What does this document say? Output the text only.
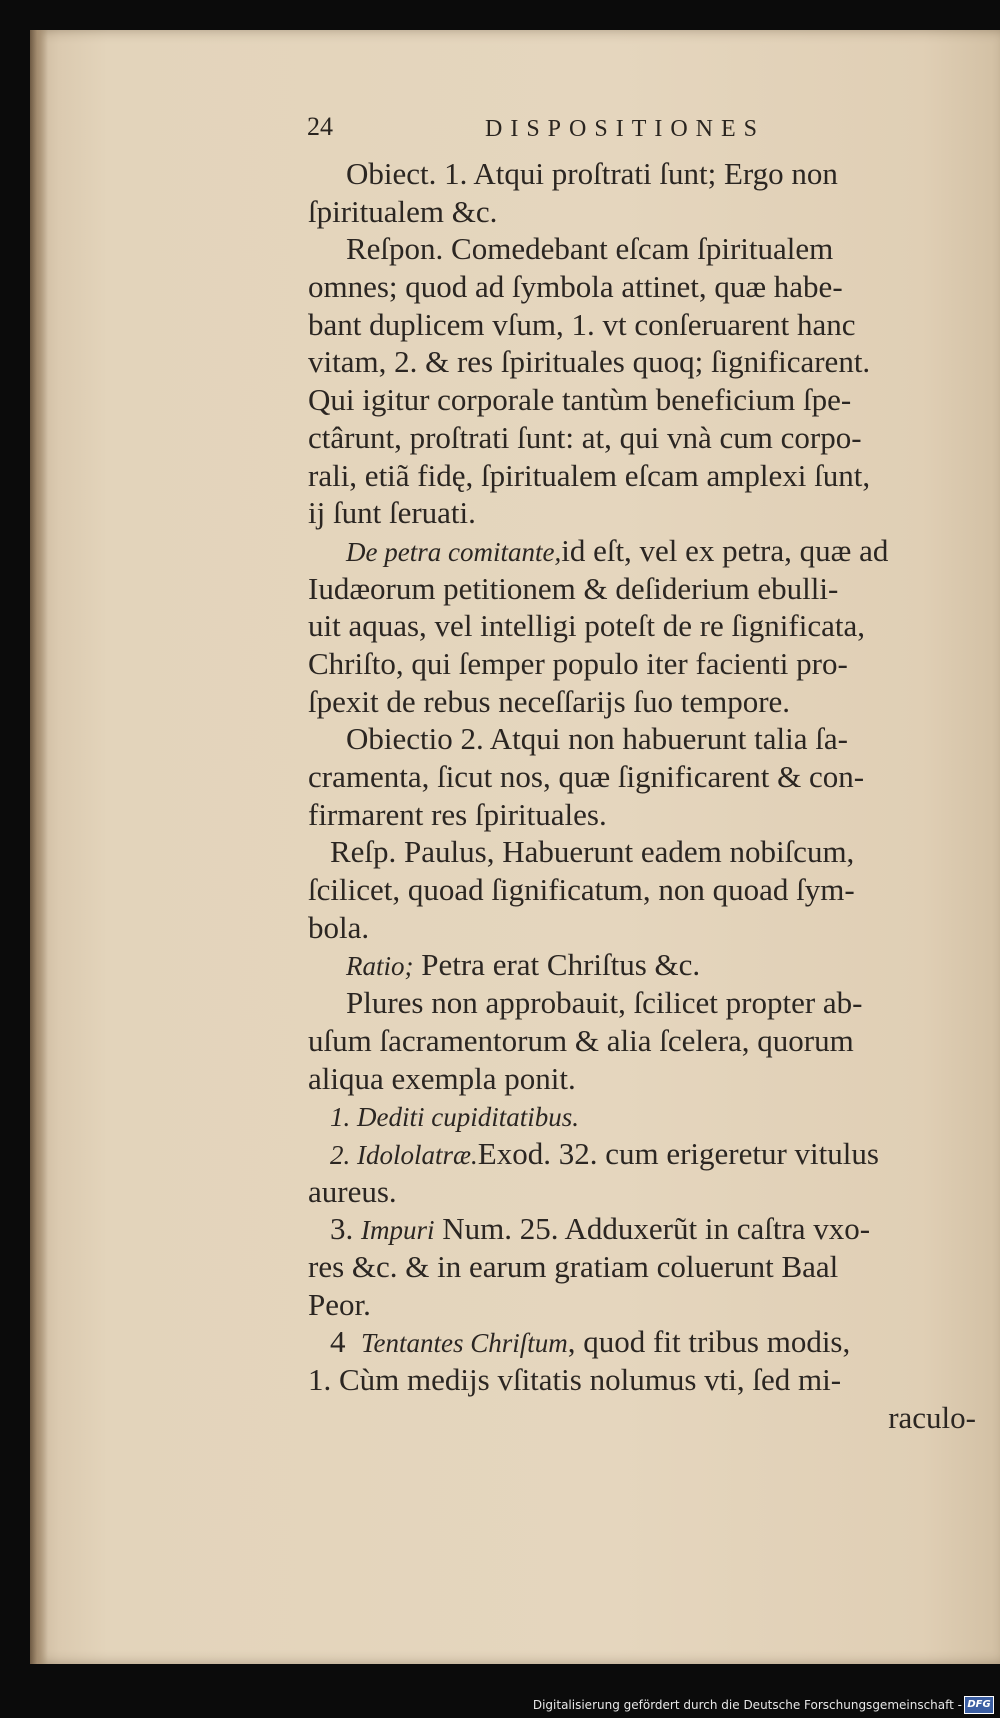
24	DISPOSITIONES
Obiect. 1. Atqui proſtrati ſunt; Ergo non
ſpiritualem &c.
Reſpon. Comedebant eſcam ſpiritualem
omnes; quod ad ſymbola attinet, quæ habe-
bant duplicem vſum, 1. vt conſeruarent hanc
vitam, 2. & res ſpirituales quoq; ſignificarent.
Qui igitur corporale tantùm beneficium ſpe-
ctârunt, proſtrati ſunt: at, qui vnà cum corpo-
rali, etiã fidę, ſpiritualem eſcam amplexi ſunt,
ij ſunt ſeruati.
De petra comitante,id eſt, vel ex petra, quæ ad
Iudæorum petitionem & deſiderium ebulli-
uit aquas, vel intelligi poteſt de re ſignificata,
Chriſto, qui ſemper populo iter facienti pro-
ſpexit de rebus neceſſarijs ſuo tempore.
Obiectio 2. Atqui non habuerunt talia ſa-
cramenta, ſicut nos, quæ ſignificarent & con-
firmarent res ſpirituales.
Reſp. Paulus, Habuerunt eadem nobiſcum,
ſcilicet, quoad ſignificatum, non quoad ſym-
bola.
Ratio; Petra erat Chriſtus &c.
Plures non approbauit, ſcilicet propter ab-
uſum ſacramentorum & alia ſcelera, quorum
aliqua exempla ponit.
1. Dediti cupiditatibus.
2. Idololatræ.Exod. 32. cum erigeretur vitulus
aureus.
3. Impuri Num. 25. Adduxerũt in caſtra vxo-
res &c. & in earum gratiam coluerunt Baal
Peor.
4 Tentantes Chriſtum, quod fit tribus modis,
1. Cùm medijs vſitatis nolumus vti, ſed mi-
raculo-
Digitalisierung gefördert durch die Deutsche Forschungsgemeinschaft - DFG
